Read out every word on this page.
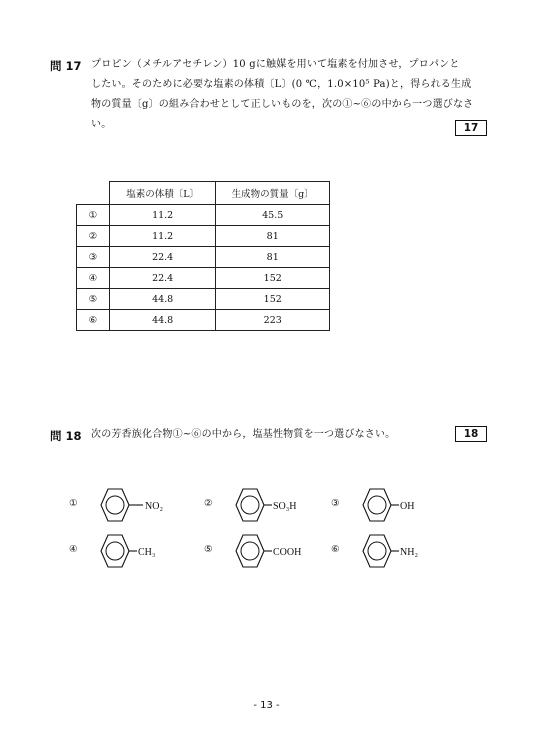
問 17 プロピン（メチルアセチレン）10 gに触媒を用いて塩素を付加させ，プロパンと
したい。そのために必要な塩素の体積〔L〕(0 ℃，1.0×10⁵ Pa)と，得られる生成
物の質量〔g〕の組み合わせとして正しいものを，次の①~⑥の中から一つ選びなさ
い。	17
	塩素の体積〔L〕	生成物の質量〔g〕
①	11.2	45.5
②	11.2	81
③	22.4	81
④	22.4	152
⑤	44.8	152
⑥	44.8	223
問 18 次の芳香族化合物①~⑥の中から，塩基性物質を一つ選びなさい。	18
①	NO₂	②	SO₃H	③	OH
④	CH₃	⑤	COOH	⑥	NH₂
- 13 -
